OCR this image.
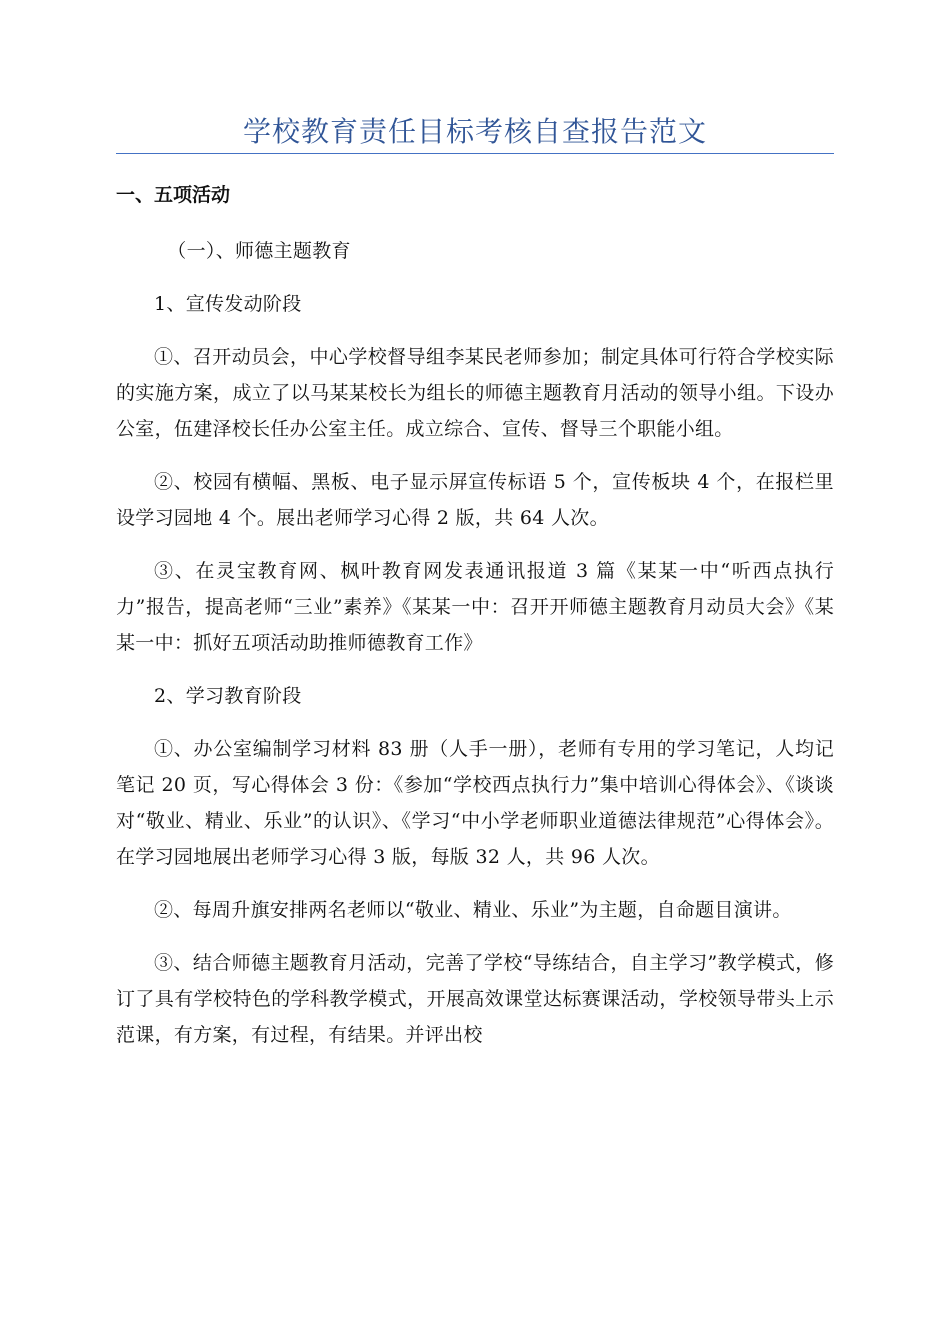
学校教育责任目标考核自查报告范文
一、五项活动

（一）、师德主题教育

1、宣传发动阶段

①、召开动员会，中心学校督导组李某民老师参加；制定具体可行符合学校实际的实施方案，成立了以马某某校长为组长的师德主题教育月活动的领导小组。下设办公室，伍建泽校长任办公室主任。成立综合、宣传、督导三个职能小组。

②、校园有横幅、黑板、电子显示屏宣传标语 5 个，宣传板块 4 个，在报栏里设学习园地 4 个。展出老师学习心得 2 版，共 64 人次。

③、在灵宝教育网、枫叶教育网发表通讯报道 3 篇《某某一中“听西点执行力”报告，提高老师“三业”素养》《某某一中：召开开师德主题教育月动员大会》《某某一中：抓好五项活动助推师德教育工作》

2、学习教育阶段

①、办公室编制学习材料 83 册（人手一册），老师有专用的学习笔记，人均记笔记 20 页，写心得体会 3 份：《参加“学校西点执行力”集中培训心得体会》、《谈谈对“敬业、精业、乐业”的认识》、《学习“中小学老师职业道德法律规范”心得体会》。在学习园地展出老师学习心得 3 版，每版 32 人，共 96 人次。

②、每周升旗安排两名老师以“敬业、精业、乐业”为主题，自命题目演讲。

③、结合师德主题教育月活动，完善了学校“导练结合，自主学习”教学模式，修订了具有学校特色的学科教学模式，开展高效课堂达标赛课活动，学校领导带头上示范课，有方案，有过程，有结果。并评出校
